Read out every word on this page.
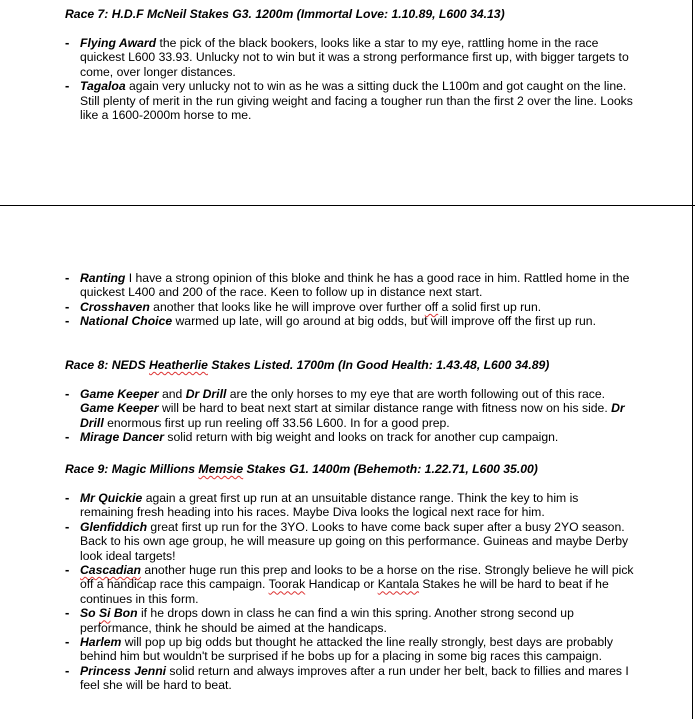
Race 7: H.D.F McNeil Stakes G3. 1200m (Immortal Love: 1.10.89, L600 34.13)

- Flying Award the pick of the black bookers, looks like a star to my eye, rattling home in the race quickest L600 33.93. Unlucky not to win but it was a strong performance first up, with bigger targets to come, over longer distances.
- Tagaloa again very unlucky not to win as he was a sitting duck the L100m and got caught on the line. Still plenty of merit in the run giving weight and facing a tougher run than the first 2 over the line. Looks like a 1600-2000m horse to me.
- Ranting I have a strong opinion of this bloke and think he has a good race in him. Rattled home in the quickest L400 and 200 of the race. Keen to follow up in distance next start.
- Crosshaven another that looks like he will improve over further off a solid first up run.
- National Choice warmed up late, will go around at big odds, but will improve off the first up run.

Race 8: NEDS Heatherlie Stakes Listed. 1700m (In Good Health: 1.43.48, L600 34.89)

- Game Keeper and Dr Drill are the only horses to my eye that are worth following out of this race. Game Keeper will be hard to beat next start at similar distance range with fitness now on his side. Dr Drill enormous first up run reeling off 33.56 L600. In for a good prep.
- Mirage Dancer solid return with big weight and looks on track for another cup campaign.

Race 9: Magic Millions Memsie Stakes G1. 1400m (Behemoth: 1.22.71, L600 35.00)

- Mr Quickie again a great first up run at an unsuitable distance range. Think the key to him is remaining fresh heading into his races. Maybe Diva looks the logical next race for him.
- Glenfiddich great first up run for the 3YO. Looks to have come back super after a busy 2YO season. Back to his own age group, he will measure up going on this performance. Guineas and maybe Derby look ideal targets!
- Cascadian another huge run this prep and looks to be a horse on the rise. Strongly believe he will pick off a handicap race this campaign. Toorak Handicap or Kantala Stakes he will be hard to beat if he continues in this form.
- So Si Bon if he drops down in class he can find a win this spring. Another strong second up performance, think he should be aimed at the handicaps.
- Harlem will pop up big odds but thought he attacked the line really strongly, best days are probably behind him but wouldn't be surprised if he bobs up for a placing in some big races this campaign.
- Princess Jenni solid return and always improves after a run under her belt, back to fillies and mares I feel she will be hard to beat.
